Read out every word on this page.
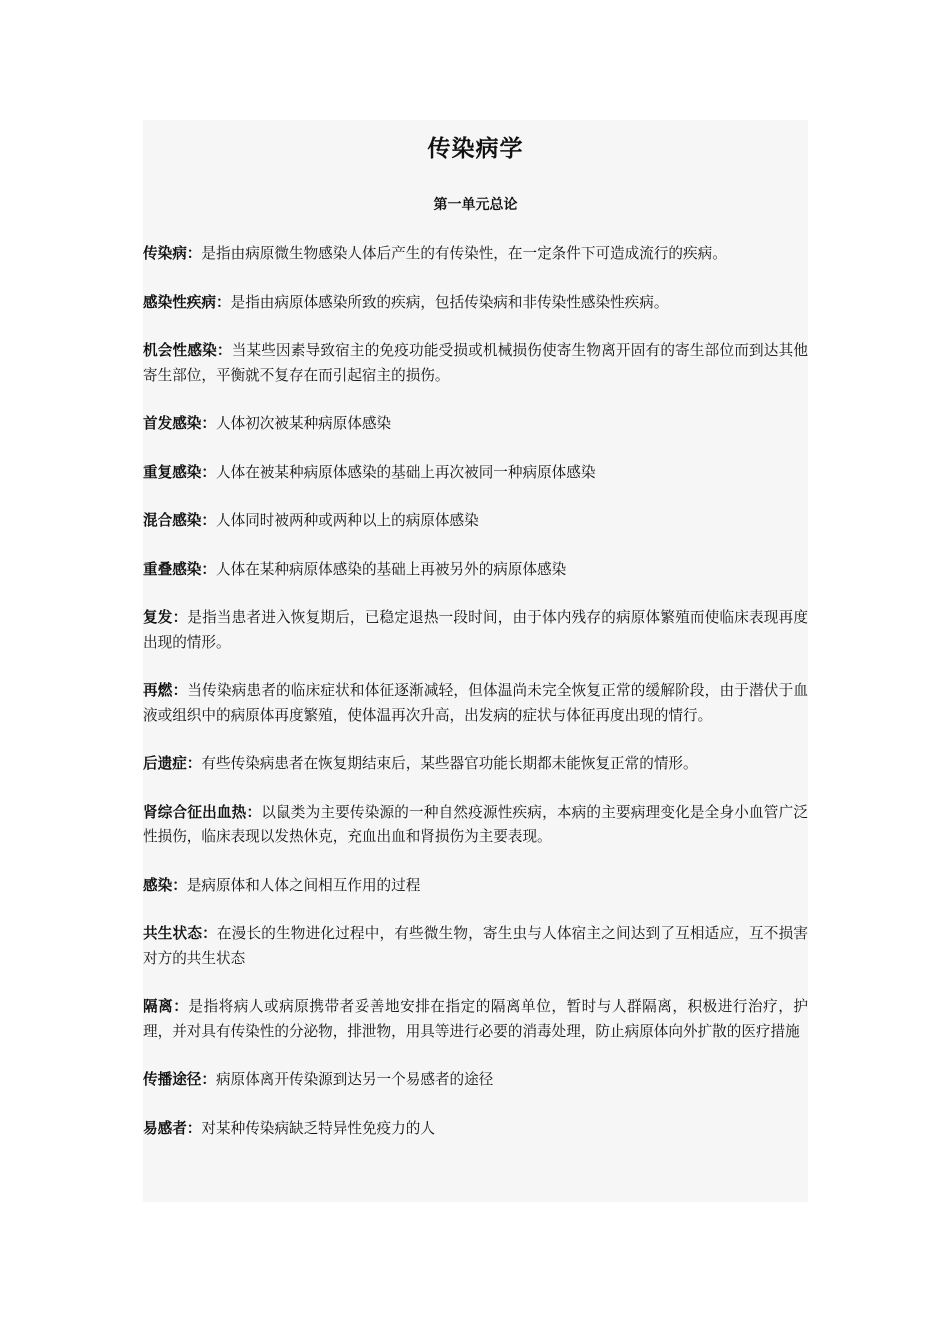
传染病学
第一单元总论

传染病：是指由病原微生物感染人体后产生的有传染性，在一定条件下可造成流行的疾病。

感染性疾病：是指由病原体感染所致的疾病，包括传染病和非传染性感染性疾病。

机会性感染：当某些因素导致宿主的免疫功能受损或机械损伤使寄生物离开固有的寄生部位而到达其他寄生部位，平衡就不复存在而引起宿主的损伤。

首发感染：人体初次被某种病原体感染

重复感染：人体在被某种病原体感染的基础上再次被同一种病原体感染

混合感染：人体同时被两种或两种以上的病原体感染

重叠感染：人体在某种病原体感染的基础上再被另外的病原体感染

复发：是指当患者进入恢复期后，已稳定退热一段时间，由于体内残存的病原体繁殖而使临床表现再度出现的情形。

再燃：当传染病患者的临床症状和体征逐渐减轻，但体温尚未完全恢复正常的缓解阶段，由于潜伏于血液或组织中的病原体再度繁殖，使体温再次升高，出发病的症状与体征再度出现的情行。

后遗症：有些传染病患者在恢复期结束后，某些器官功能长期都未能恢复正常的情形。

肾综合征出血热：以鼠类为主要传染源的一种自然疫源性疾病，本病的主要病理变化是全身小血管广泛性损伤，临床表现以发热休克，充血出血和肾损伤为主要表现。

感染：是病原体和人体之间相互作用的过程

共生状态：在漫长的生物进化过程中，有些微生物，寄生虫与人体宿主之间达到了互相适应，互不损害对方的共生状态

隔离：是指将病人或病原携带者妥善地安排在指定的隔离单位，暂时与人群隔离，积极进行治疗，护理，并对具有传染性的分泌物，排泄物，用具等进行必要的消毒处理，防止病原体向外扩散的医疗措施

传播途径：病原体离开传染源到达另一个易感者的途径

易感者：对某种传染病缺乏特异性免疫力的人
